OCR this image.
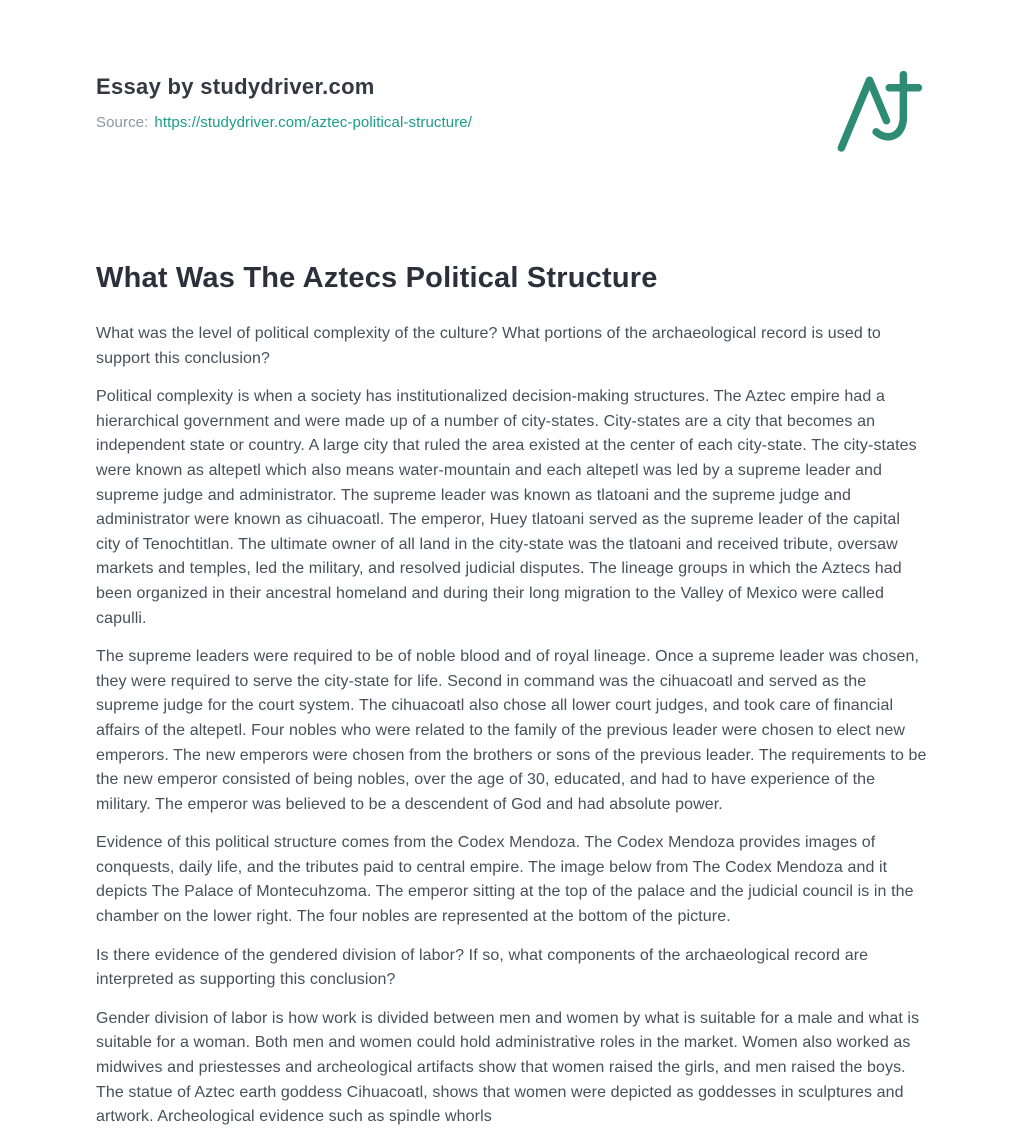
Essay by studydriver.com
Source: https://studydriver.com/aztec-political-structure/
What Was The Aztecs Political Structure

What was the level of political complexity of the culture? What portions of the archaeological record is used to support this conclusion?

Political complexity is when a society has institutionalized decision-making structures. The Aztec empire had a hierarchical government and were made up of a number of city-states. City-states are a city that becomes an independent state or country. A large city that ruled the area existed at the center of each city-state. The city-states were known as altepetl which also means water-mountain and each altepetl was led by a supreme leader and supreme judge and administrator. The supreme leader was known as tlatoani and the supreme judge and administrator were known as cihuacoatl. The emperor, Huey tlatoani served as the supreme leader of the capital city of Tenochtitlan. The ultimate owner of all land in the city-state was the tlatoani and received tribute, oversaw markets and temples, led the military, and resolved judicial disputes. The lineage groups in which the Aztecs had been organized in their ancestral homeland and during their long migration to the Valley of Mexico were called capulli.

The supreme leaders were required to be of noble blood and of royal lineage. Once a supreme leader was chosen, they were required to serve the city-state for life. Second in command was the cihuacoatl and served as the supreme judge for the court system. The cihuacoatl also chose all lower court judges, and took care of financial affairs of the altepetl. Four nobles who were related to the family of the previous leader were chosen to elect new emperors. The new emperors were chosen from the brothers or sons of the previous leader. The requirements to be the new emperor consisted of being nobles, over the age of 30, educated, and had to have experience of the military. The emperor was believed to be a descendent of God and had absolute power.

Evidence of this political structure comes from the Codex Mendoza. The Codex Mendoza provides images of conquests, daily life, and the tributes paid to central empire. The image below from The Codex Mendoza and it depicts The Palace of Montecuhzoma. The emperor sitting at the top of the palace and the judicial council is in the chamber on the lower right. The four nobles are represented at the bottom of the picture.

Is there evidence of the gendered division of labor? If so, what components of the archaeological record are interpreted as supporting this conclusion?

Gender division of labor is how work is divided between men and women by what is suitable for a male and what is suitable for a woman. Both men and women could hold administrative roles in the market. Women also worked as midwives and priestesses and archeological artifacts show that women raised the girls, and men raised the boys. The statue of Aztec earth goddess Cihuacoatl, shows that women were depicted as goddesses in sculptures and artwork. Archeological evidence such as spindle whorls
